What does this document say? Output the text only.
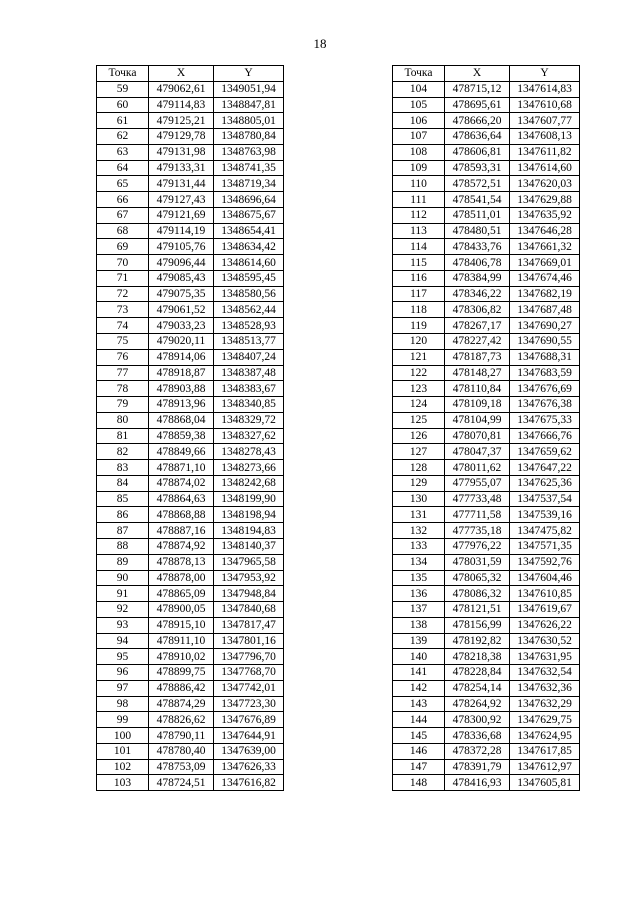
18
Точка	X	Y
59	479062,61	1349051,94
60	479114,83	1348847,81
61	479125,21	1348805,01
62	479129,78	1348780,84
63	479131,98	1348763,98
64	479133,31	1348741,35
65	479131,44	1348719,34
66	479127,43	1348696,64
67	479121,69	1348675,67
68	479114,19	1348654,41
69	479105,76	1348634,42
70	479096,44	1348614,60
71	479085,43	1348595,45
72	479075,35	1348580,56
73	479061,52	1348562,44
74	479033,23	1348528,93
75	479020,11	1348513,77
76	478914,06	1348407,24
77	478918,87	1348387,48
78	478903,88	1348383,67
79	478913,96	1348340,85
80	478868,04	1348329,72
81	478859,38	1348327,62
82	478849,66	1348278,43
83	478871,10	1348273,66
84	478874,02	1348242,68
85	478864,63	1348199,90
86	478868,88	1348198,94
87	478887,16	1348194,83
88	478874,92	1348140,37
89	478878,13	1347965,58
90	478878,00	1347953,92
91	478865,09	1347948,84
92	478900,05	1347840,68
93	478915,10	1347817,47
94	478911,10	1347801,16
95	478910,02	1347796,70
96	478899,75	1347768,70
97	478886,42	1347742,01
98	478874,29	1347723,30
99	478826,62	1347676,89
100	478790,11	1347644,91
101	478780,40	1347639,00
102	478753,09	1347626,33
103	478724,51	1347616,82
Точка	X	Y
104	478715,12	1347614,83
105	478695,61	1347610,68
106	478666,20	1347607,77
107	478636,64	1347608,13
108	478606,81	1347611,82
109	478593,31	1347614,60
110	478572,51	1347620,03
111	478541,54	1347629,88
112	478511,01	1347635,92
113	478480,51	1347646,28
114	478433,76	1347661,32
115	478406,78	1347669,01
116	478384,99	1347674,46
117	478346,22	1347682,19
118	478306,82	1347687,48
119	478267,17	1347690,27
120	478227,42	1347690,55
121	478187,73	1347688,31
122	478148,27	1347683,59
123	478110,84	1347676,69
124	478109,18	1347676,38
125	478104,99	1347675,33
126	478070,81	1347666,76
127	478047,37	1347659,62
128	478011,62	1347647,22
129	477955,07	1347625,36
130	477733,48	1347537,54
131	477711,58	1347539,16
132	477735,18	1347475,82
133	477976,22	1347571,35
134	478031,59	1347592,76
135	478065,32	1347604,46
136	478086,32	1347610,85
137	478121,51	1347619,67
138	478156,99	1347626,22
139	478192,82	1347630,52
140	478218,38	1347631,95
141	478228,84	1347632,54
142	478254,14	1347632,36
143	478264,92	1347632,29
144	478300,92	1347629,75
145	478336,68	1347624,95
146	478372,28	1347617,85
147	478391,79	1347612,97
148	478416,93	1347605,81
